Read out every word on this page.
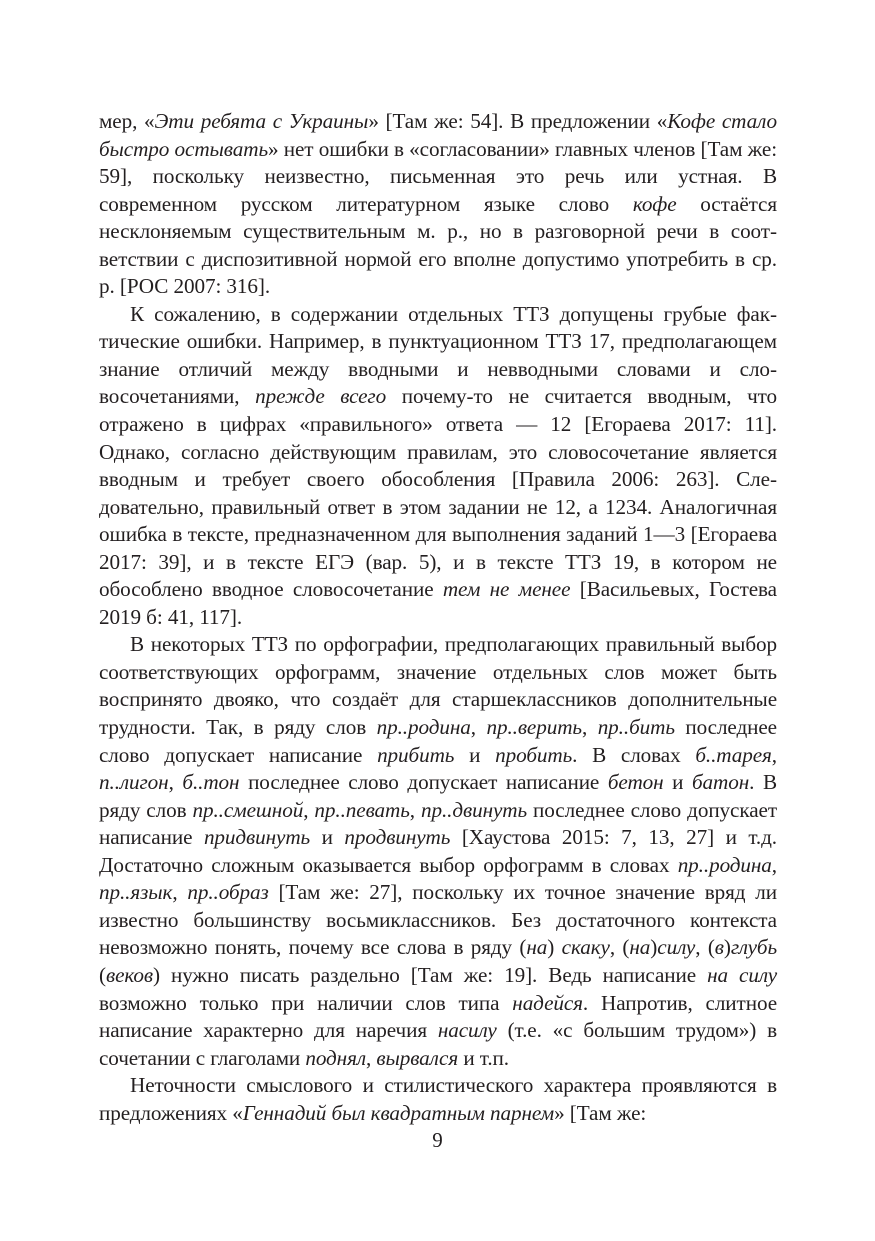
мер, «Эти ребята с Украины» [Там же: 54]. В предложении «Кофе стало быстро остывать» нет ошибки в «согласовании» главных членов [Там же: 59], поскольку неизвестно, письменная это речь или устная. В современном русском литературном языке слово кофе остаётся несклоняемым существительным м. р., но в разговорной речи в соответствии с диспозитивной нормой его вполне допустимо употребить в ср. р. [РОС 2007: 316].

К сожалению, в содержании отдельных ТТЗ допущены грубые фактические ошибки. Например, в пунктуационном ТТЗ 17, предполагающем знание отличий между вводными и невводными словами и словосочетаниями, прежде всего почему-то не считается вводным, что отражено в цифрах «правильного» ответа — 12 [Егораева 2017: 11]. Однако, согласно действующим правилам, это словосочетание является вводным и требует своего обособления [Правила 2006: 263]. Следовательно, правильный ответ в этом задании не 12, а 1234. Аналогичная ошибка в тексте, предназначенном для выполнения заданий 1—3 [Егораева 2017: 39], и в тексте ЕГЭ (вар. 5), и в тексте ТТЗ 19, в котором не обособлено вводное словосочетание тем не менее [Васильевых, Гостева 2019 б: 41, 117].

В некоторых ТТЗ по орфографии, предполагающих правильный выбор соответствующих орфограмм, значение отдельных слов может быть воспринято двояко, что создаёт для старшеклассников дополнительные трудности. Так, в ряду слов пр..родина, пр..верить, пр..бить последнее слово допускает написание прибить и пробить. В словах б..тарея, п..лигон, б..тон последнее слово допускает написание бетон и батон. В ряду слов пр..смешной, пр..певать, пр..двинуть последнее слово допускает написание придвинуть и продвинуть [Хаустова 2015: 7, 13, 27] и т.д. Достаточно сложным оказывается выбор орфограмм в словах пр..родина, пр..язык, пр..образ [Там же: 27], поскольку их точное значение вряд ли известно большинству восьмиклассников. Без достаточного контекста невозможно понять, почему все слова в ряду (на) скаку, (на)силу, (в)глубь (веков) нужно писать раздельно [Там же: 19]. Ведь написание на силу возможно только при наличии слов типа надейся. Напротив, слитное написание характерно для наречия насилу (т.е. «с большим трудом») в сочетании с глаголами поднял, вырвался и т.п.

Неточности смыслового и стилистического характера проявляются в предложениях «Геннадий был квадратным парнем» [Там же:

9
